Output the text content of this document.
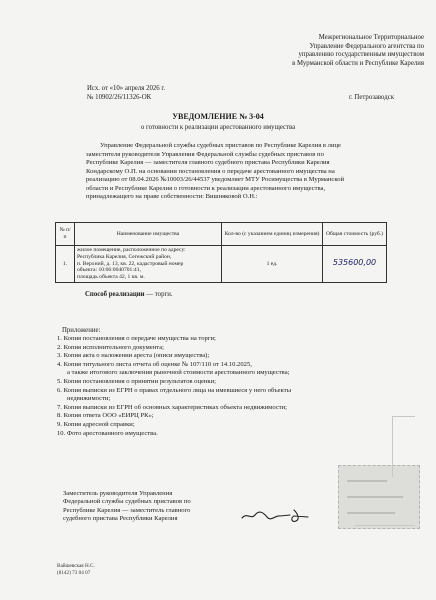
Межрегиональное Территориальное
Управление Федерального агентства по
управлению государственным имуществом
в Мурманской области и Республике Карелия
Исх. от «10» апреля 2026 г.
№ 10902/26/11326-ОК	г. Петрозаводск
УВЕДОМЛЕНИЕ № 3-04
о готовности к реализации арестованного имущества
Управление Федеральной службы судебных приставов по Республике Карелия в лице
заместителя руководителя Управления Федеральной службы судебных приставов по
Республике Карелия — заместителя главного судебного пристава Республики Карелия
Кондарскому О.П. на основании постановления о передаче арестованного имущества на
реализацию от 08.04.2026 №10003/26/44537 уведомляет МТУ Росимущества в Мурманской
области и Республике Карелия о готовности к реализации арестованного имущества,
принадлежащего на праве собственности: Вишняковой О.Н.:
№ п/п	Наименование имущества	Кол-во (с указанием единиц измерения)	Общая стоимость (руб.)
1.	жилое помещение, расположенное по адресу:
Республика Карелия, Сегежский район,
п. Верхний, д. 13, кв. 22, кадастровый номер
объекта: 10:06:0040701:41,
площадь объекта 42, 1 кв. м.	1 ед.	535600,00
Способ реализации — торги.
Приложение:
1. Копия постановления о передаче имущества на торги;
2. Копия исполнительного документа;
3. Копия акта о наложении ареста (описи имущества);
4. Копия титульного листа отчета об оценке № 107/110 от 14.10.2025,
а также итогового заключения рыночной стоимости арестованного имущества;
5. Копия постановления о принятии результатов оценки;
6. Копия выписки из ЕГРН о правах отдельного лица на имевшиеся у него объекты
недвижимости;
7. Копия выписки из ЕГРН об основных характеристиках объекта недвижимости;
8. Копия ответа ООО «ЕИРЦ РК»;
9. Копия адресной справки;
10. Фото арестованного имущества.
Заместитель руководителя Управления
Федеральной службы судебных приставов по
Республике Карелия — заместитель главного
судебного пристава Республики Карелия
Вайшевская Н.С.
(8142) 73 04 07
